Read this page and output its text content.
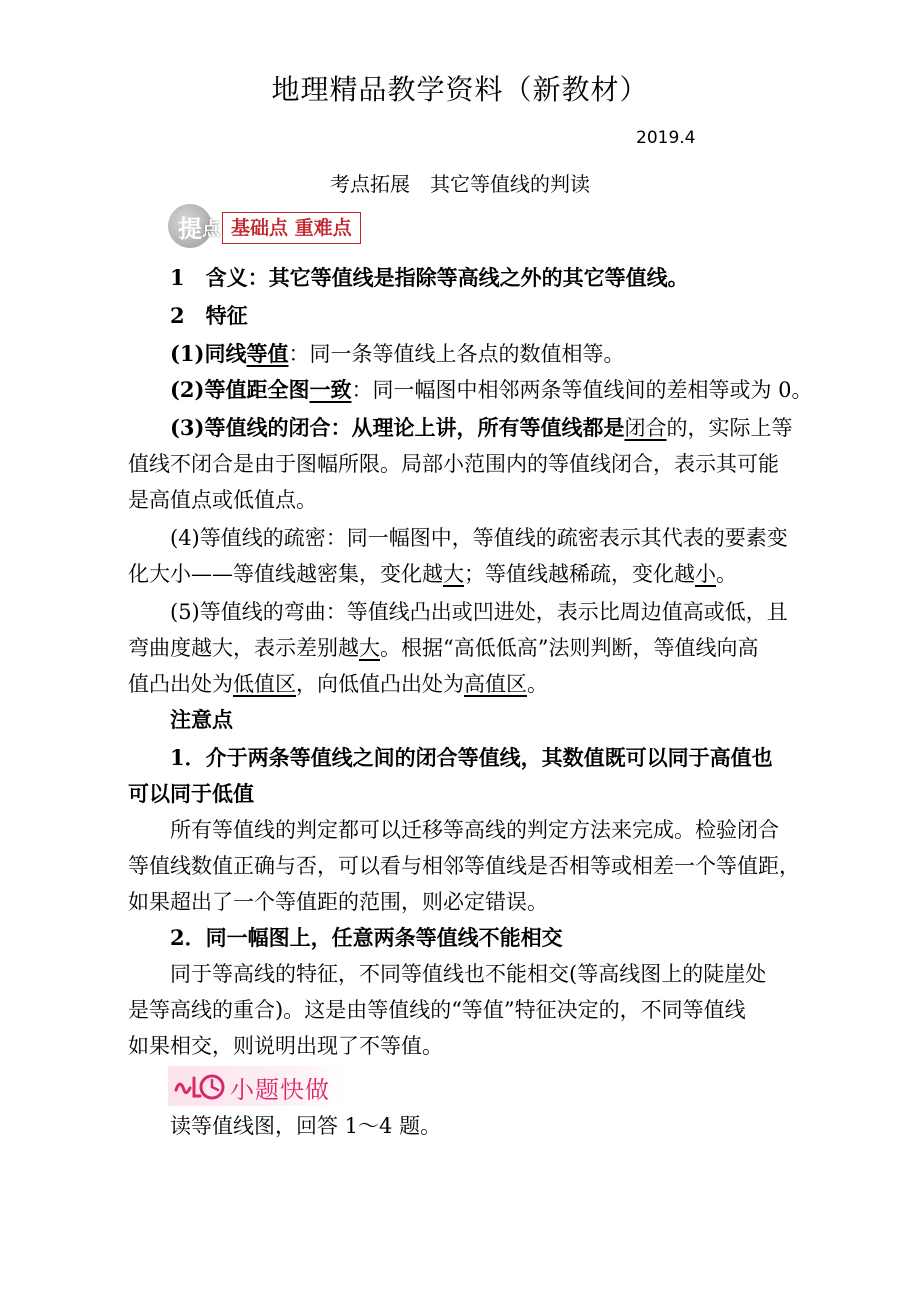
地理精品教学资料（新教材）
2019.4
考点拓展　其它等值线的判读
提 点 基础点 重难点
1　含义：其它等值线是指除等高线之外的其它等值线。
2　特征
(1)同线等值：同一条等值线上各点的数值相等。
(2)等值距全图一致：同一幅图中相邻两条等值线间的差相等或为 0。
(3)等值线的闭合：从理论上讲，所有等值线都是闭合的，实际上等
值线不闭合是由于图幅所限。局部小范围内的等值线闭合，表示其可能
是高值点或低值点。
(4)等值线的疏密：同一幅图中，等值线的疏密表示其代表的要素变
化大小——等值线越密集，变化越大；等值线越稀疏，变化越小。
(5)等值线的弯曲：等值线凸出或凹进处，表示比周边值高或低，且
弯曲度越大，表示差别越大。根据“高低低高”法则判断，等值线向高
值凸出处为低值区，向低值凸出处为高值区。
注意点
1．介于两条等值线之间的闭合等值线，其数值既可以同于高值也
可以同于低值
所有等值线的判定都可以迁移等高线的判定方法来完成。检验闭合
等值线数值正确与否，可以看与相邻等值线是否相等或相差一个等值距，
如果超出了一个等值距的范围，则必定错误。
2．同一幅图上，任意两条等值线不能相交
同于等高线的特征，不同等值线也不能相交(等高线图上的陡崖处
是等高线的重合)。这是由等值线的“等值”特征决定的，不同等值线
如果相交，则说明出现了不等值。
小题快做
读等值线图，回答 1～4 题。
